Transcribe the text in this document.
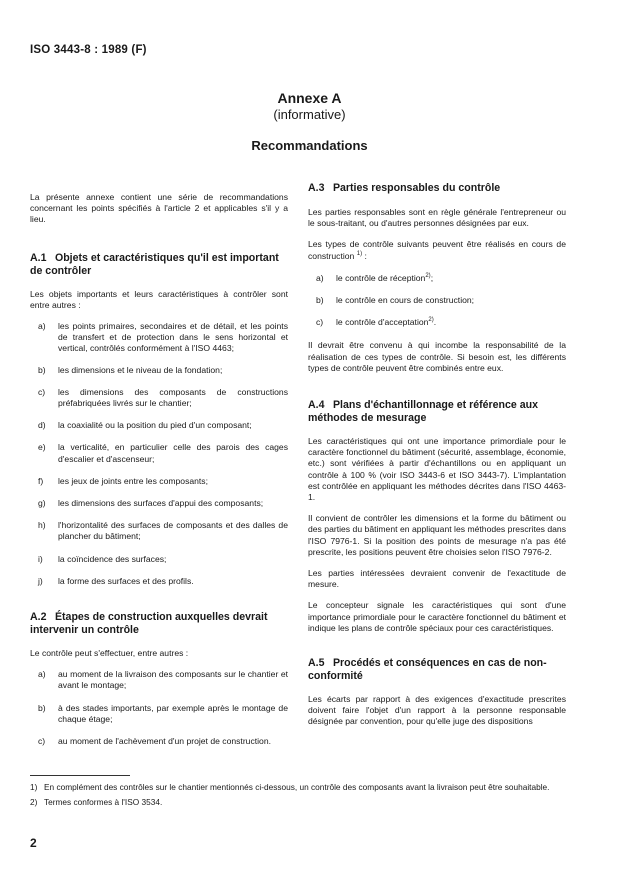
ISO 3443-8 : 1989 (F)
Annexe A
(informative)
Recommandations

La présente annexe contient une série de recommandations concernant les points spécifiés à l'article 2 et applicables s'il y a lieu.

A.1 Objets et caractéristiques qu'il est important de contrôler

Les objets importants et leurs caractéristiques à contrôler sont entre autres :

a)	les points primaires, secondaires et de détail, et les points de transfert et de protection dans le sens horizontal et vertical, contrôlés conformément à l'ISO 4463;
b)	les dimensions et le niveau de la fondation;
c)	les dimensions des composants de constructions préfabriquées livrés sur le chantier;
d)	la coaxialité ou la position du pied d'un composant;
e)	la verticalité, en particulier celle des parois des cages d'escalier et d'ascenseur;
f)	les jeux de joints entre les composants;
g)	les dimensions des surfaces d'appui des composants;
h)	l'horizontalité des surfaces de composants et des dalles de plancher du bâtiment;
i)	la coïncidence des surfaces;
j)	la forme des surfaces et des profils.
A.2 Étapes de construction auxquelles devrait intervenir un contrôle

Le contrôle peut s'effectuer, entre autres :

a)	au moment de la livraison des composants sur le chantier et avant le montage;
b)	à des stades importants, par exemple après le montage de chaque étage;
c)	au moment de l'achèvement d'un projet de construction.
A.3 Parties responsables du contrôle

Les parties responsables sont en règle générale l'entrepreneur ou le sous-traitant, ou d'autres personnes désignées par eux.

Les types de contrôle suivants peuvent être réalisés en cours de construction $^{1)}$ :

a)	le contrôle de réception$^{2)}$;
b)	le contrôle en cours de construction;
c)	le contrôle d'acceptation$^{2)}$.

Il devrait être convenu à qui incombe la responsabilité de la réalisation de ces types de contrôle. Si besoin est, les différents types de contrôle peuvent être combinés entre eux.

A.4 Plans d'échantillonnage et référence aux méthodes de mesurage

Les caractéristiques qui ont une importance primordiale pour le caractère fonctionnel du bâtiment (sécurité, assemblage, économie, etc.) sont vérifiées à partir d'échantillons ou en appliquant un contrôle à 100 % (voir ISO 3443-6 et ISO 3443-7). L'implantation est contrôlée en appliquant les méthodes décrites dans l'ISO 4463-1.

Il convient de contrôler les dimensions et la forme du bâtiment ou des parties du bâtiment en appliquant les méthodes prescrites dans l'ISO 7976-1. Si la position des points de mesurage n'a pas été prescrite, les positions peuvent être choisies selon l'ISO 7976-2.

Les parties intéressées devraient convenir de l'exactitude de mesure.

Le concepteur signale les caractéristiques qui sont d'une importance primordiale pour le caractère fonctionnel du bâtiment et indique les plans de contrôle spéciaux pour ces caractéristiques.

A.5 Procédés et conséquences en cas de non-conformité

Les écarts par rapport à des exigences d'exactitude prescrites doivent faire l'objet d'un rapport à la personne responsable désignée par convention, pour qu'elle juge des dispositions

1) En complément des contrôles sur le chantier mentionnés ci-dessous, un contrôle des composants avant la livraison peut être souhaitable.
2) Termes conformes à l'ISO 3534.
2
